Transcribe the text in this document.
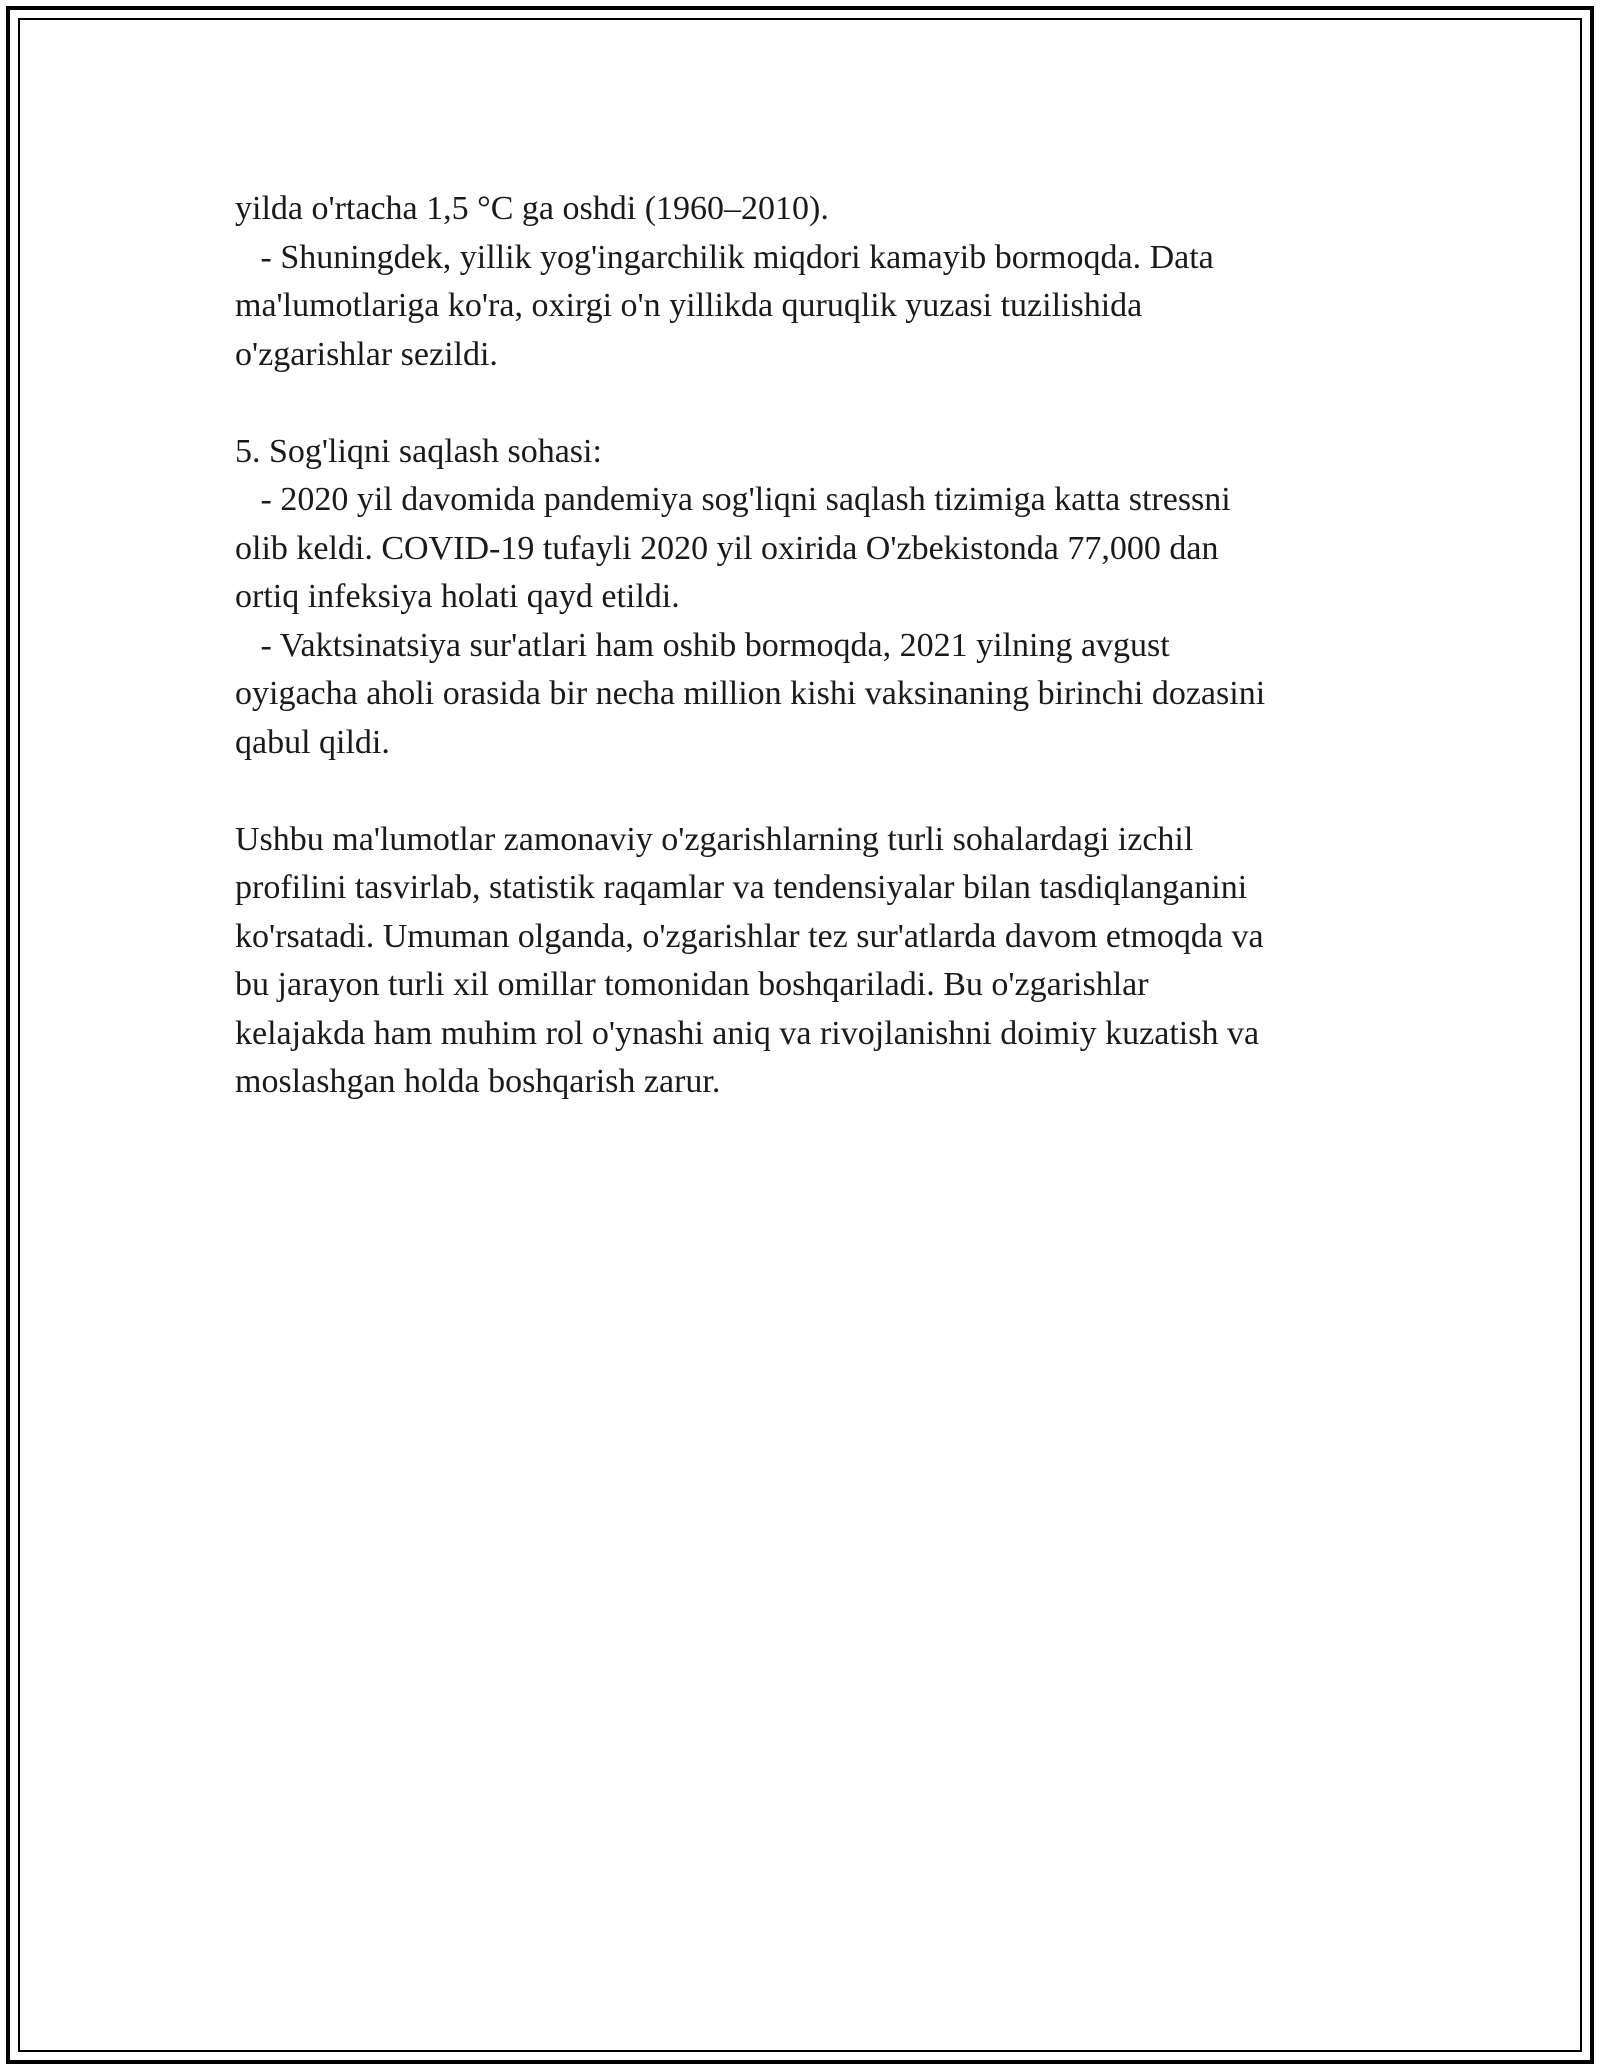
yilda o'rtacha 1,5 °C ga oshdi (1960–2010).
- Shuningdek, yillik yog'ingarchilik miqdori kamayib bormoqda. Data
ma'lumotlariga ko'ra, oxirgi o'n yillikda quruqlik yuzasi tuzilishida
o'zgarishlar sezildi.
5. Sog'liqni saqlash sohasi:
- 2020 yil davomida pandemiya sog'liqni saqlash tizimiga katta stressni
olib keldi. COVID-19 tufayli 2020 yil oxirida O'zbekistonda 77,000 dan
ortiq infeksiya holati qayd etildi.
- Vaktsinatsiya sur'atlari ham oshib bormoqda, 2021 yilning avgust
oyigacha aholi orasida bir necha million kishi vaksinaning birinchi dozasini
qabul qildi.
Ushbu ma'lumotlar zamonaviy o'zgarishlarning turli sohalardagi izchil
profilini tasvirlab, statistik raqamlar va tendensiyalar bilan tasdiqlanganini
ko'rsatadi. Umuman olganda, o'zgarishlar tez sur'atlarda davom etmoqda va
bu jarayon turli xil omillar tomonidan boshqariladi. Bu o'zgarishlar
kelajakda ham muhim rol o'ynashi aniq va rivojlanishni doimiy kuzatish va
moslashgan holda boshqarish zarur.
